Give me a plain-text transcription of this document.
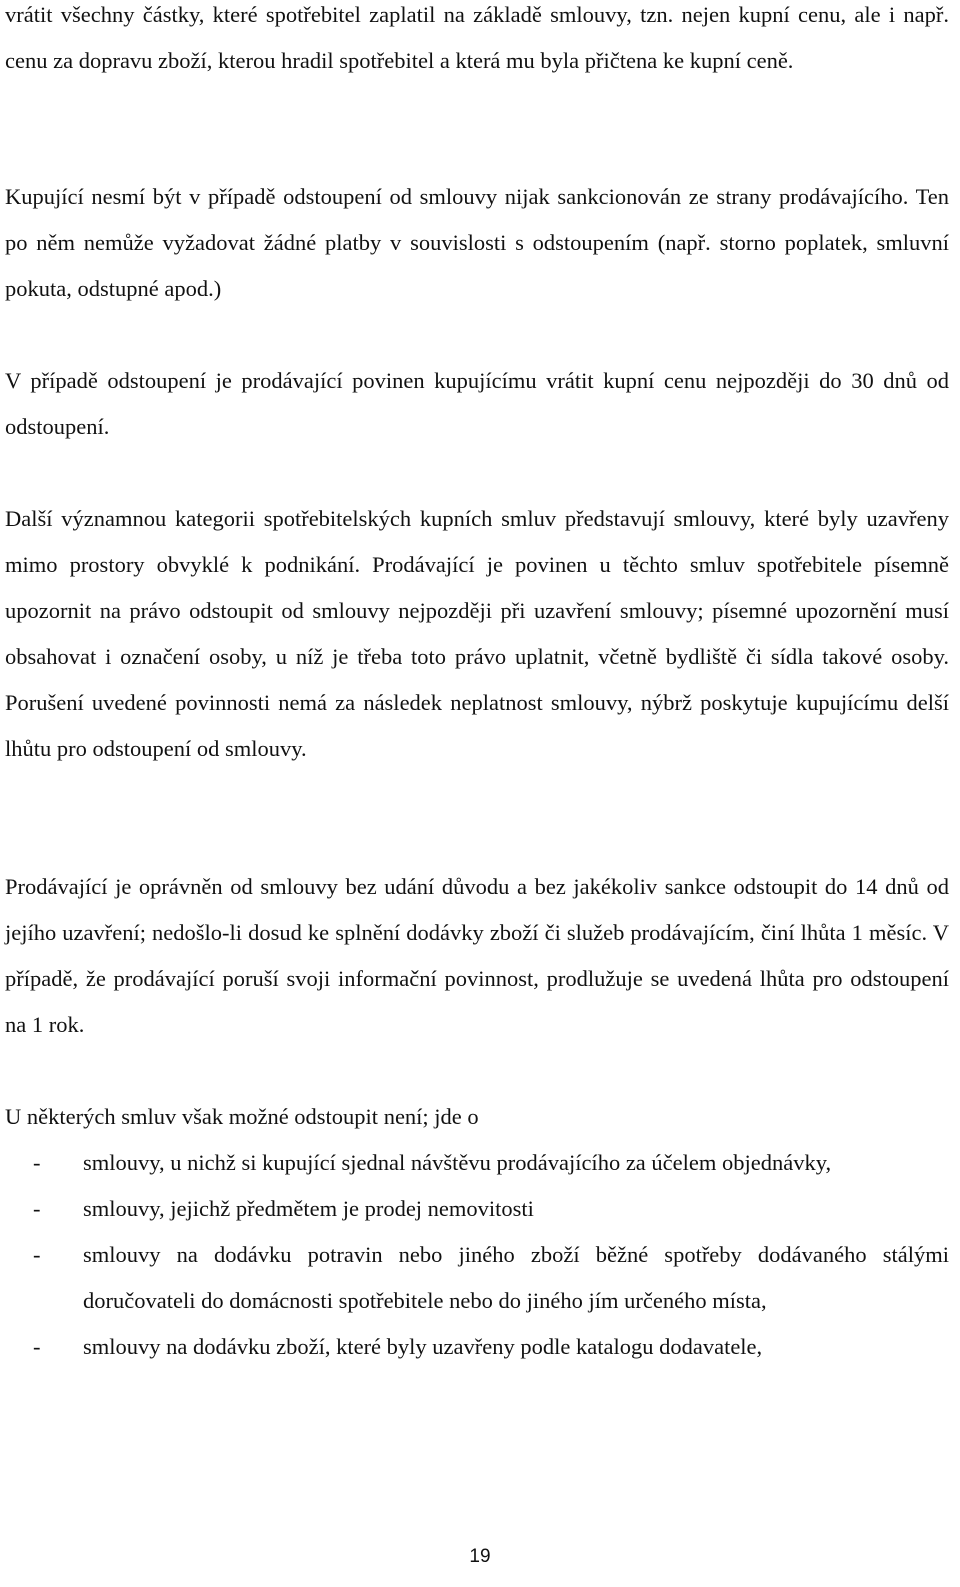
vrátit všechny částky, které spotřebitel zaplatil na základě smlouvy, tzn. nejen kupní cenu, ale i např. cenu za dopravu zboží, kterou hradil spotřebitel a která mu byla přičtena ke kupní ceně.

Kupující nesmí být v případě odstoupení od smlouvy nijak sankcionován ze strany prodávajícího. Ten po něm nemůže vyžadovat žádné platby v souvislosti s odstoupením (např. storno poplatek, smluvní pokuta, odstupné apod.)

V případě odstoupení je prodávající povinen kupujícímu vrátit kupní cenu nejpozději do 30 dnů od odstoupení.

Další významnou kategorii spotřebitelských kupních smluv představují smlouvy, které byly uzavřeny mimo prostory obvyklé k podnikání. Prodávající je povinen u těchto smluv spotřebitele písemně upozornit na právo odstoupit od smlouvy nejpozději při uzavření smlouvy; písemné upozornění musí obsahovat i označení osoby, u níž je třeba toto právo uplatnit, včetně bydliště či sídla takové osoby. Porušení uvedené povinnosti nemá za následek neplatnost smlouvy, nýbrž poskytuje kupujícímu delší lhůtu pro odstoupení od smlouvy.

Prodávající je oprávněn od smlouvy bez udání důvodu a bez jakékoliv sankce odstoupit do 14 dnů od jejího uzavření; nedošlo-li dosud ke splnění dodávky zboží či služeb prodávajícím, činí lhůta 1 měsíc. V případě, že prodávající poruší svoji informační povinnost, prodlužuje se uvedená lhůta pro odstoupení na 1 rok.

U některých smluv však možné odstoupit není; jde o

- smlouvy, u nichž si kupující sjednal návštěvu prodávajícího za účelem objednávky,
- smlouvy, jejichž předmětem je prodej nemovitosti
- smlouvy na dodávku potravin nebo jiného zboží běžné spotřeby dodávaného stálými doručovateli do domácnosti spotřebitele nebo do jiného jím určeného místa,
- smlouvy na dodávku zboží, které byly uzavřeny podle katalogu dodavatele,
19
